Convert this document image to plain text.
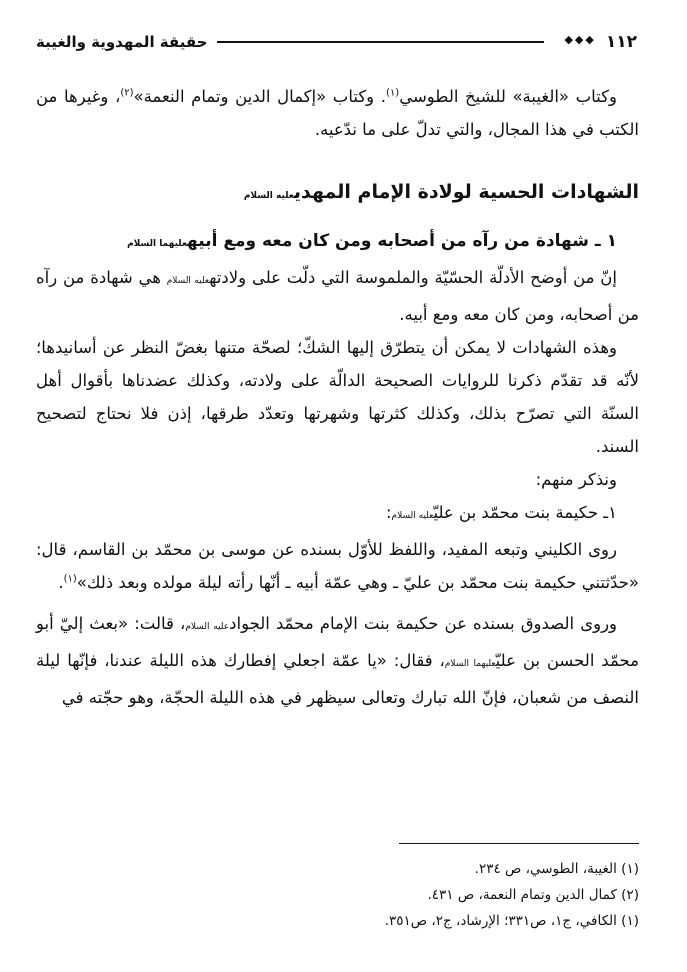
١١٢
◆◆◆
حقيقة المهدوية والغيبة

وكتاب «الغيبة» للشيخ الطوسي$^{(١)}$. وكتاب «إكمال الدين وتمام النعمة»$^{(٢)}$، وغيرها من الكتب في هذا المجال، والتي تدلّ على ما ندّعيه.

الشهادات الحسية لولادة الإمام المهديعليه السلام

١ ـ شهادة من رآه من أصحابه ومن كان معه ومع أبيهعليهما السلام

إنّ من أوضح الأدلّة الحسّيّة والملموسة التي دلّت على ولادتهعليه السلام هي شهادة من رآه من أصحابه، ومن كان معه ومع أبيه.

وهذه الشهادات لا يمكن أن يتطرّق إليها الشكّ؛ لصحّة متنها بغضّ النظر عن أسانيدها؛ لأنّه قد تقدّم ذكرنا للروايات الصحيحة الدالّة على ولادته، وكذلك عضدناها بأقوال أهل السنّة التي تصرّح بذلك، وكذلك كثرتها وشهرتها وتعدّد طرقها، إذن فلا نحتاج لتصحيح السند.

ونذكر منهم:

١ـ حكيمة بنت محمّد بن عليّعليه السلام:

روى الكليني وتبعه المفيد، واللفظ للأوّل بسنده عن موسى بن محمّد بن القاسم، قال: «حدّثتني حكيمة بنت محمّد بن عليّ ـ وهي عمّة أبيه ـ أنّها رأته ليلة مولده وبعد ذلك»$^{(١)}$.

وروى الصدوق بسنده عن حكيمة بنت الإمام محمّد الجوادعليه السلام، قالت: «بعث إليّ أبو محمّد الحسن بن عليّعليهما السلام، فقال: «يا عمّة اجعلي إفطارك هذه الليلة عندنا، فإنّها ليلة النصف من شعبان، فإنّ الله تبارك وتعالى سيظهر في هذه الليلة الحجّة، وهو حجّته في

(١) الغيبة، الطوسي، ص ٢٣٤.

(٢) كمال الدين وتمام النعمة، ص ٤٣١.

(١) الكافي، ج١، ص٣٣١؛ الإرشاد، ج٢، ص٣٥١.
